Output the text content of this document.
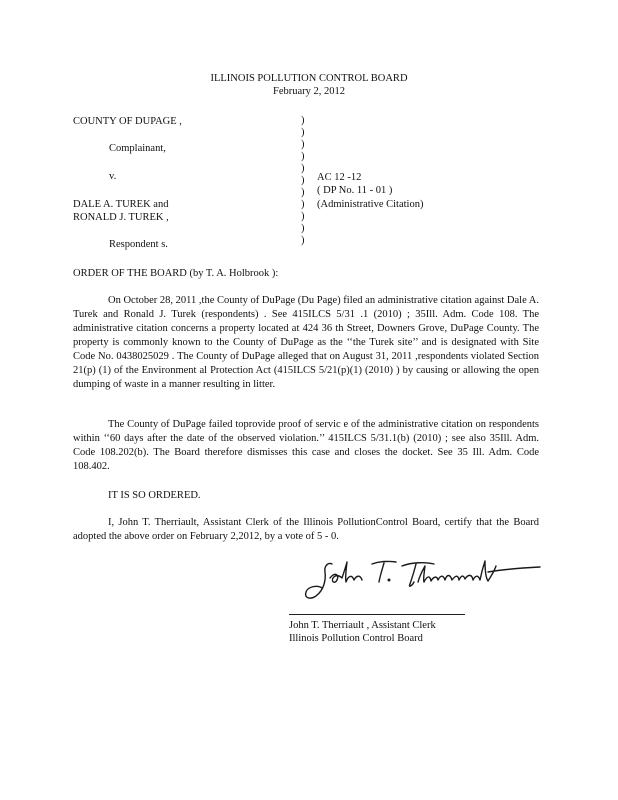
ILLINOIS POLLUTION CONTROL BOARD
February 2, 2012
COUNTY OF DUPAGE ,
Complainant,
v.
DALE A. TUREK and
RONALD J. TUREK ,
Respondent s.
)
)
)
)
)
)
)
)
)
)
)
AC 12 -12
( DP No. 11 - 01 )
(Administrative Citation)
ORDER OF THE BOARD (by T. A. Holbrook ):
On October 28, 2011 ,the County of DuPage (Du Page) filed an administrative citation against Dale A. Turek and Ronald J. Turek (respondents) . See 415ILCS 5/31 .1 (2010) ; 35Ill. Adm. Code 108. The administrative citation concerns a property located at 424 36 th Street, Downers Grove, DuPage County. The property is commonly known to the County of DuPage as the ‘‘the Turek site’’ and is designated with Site Code No. 0438025029 . The County of DuPage alleged that on August 31, 2011 ,respondents violated Section 21(p) (1) of the Environment al Protection Act (415ILCS 5/21(p)(1) (2010) ) by causing or allowing the open dumping of waste in a manner resulting in litter.
The County of DuPage failed toprovide proof of servic e of the administrative citation on respondents within ‘‘60 days after the date of the observed violation.’’ 415ILCS 5/31.1(b) (2010) ; see also 35Ill. Adm. Code 108.202(b). The Board therefore dismisses this case and closes the docket. See 35 Ill. Adm. Code 108.402.
IT IS SO ORDERED.
I, John T. Therriault, Assistant Clerk of the Illinois PollutionControl Board, certify that the Board adopted the above order on February 2,2012, by a vote of 5 - 0.
John T. Therriault , Assistant Clerk
Illinois Pollution Control Board
